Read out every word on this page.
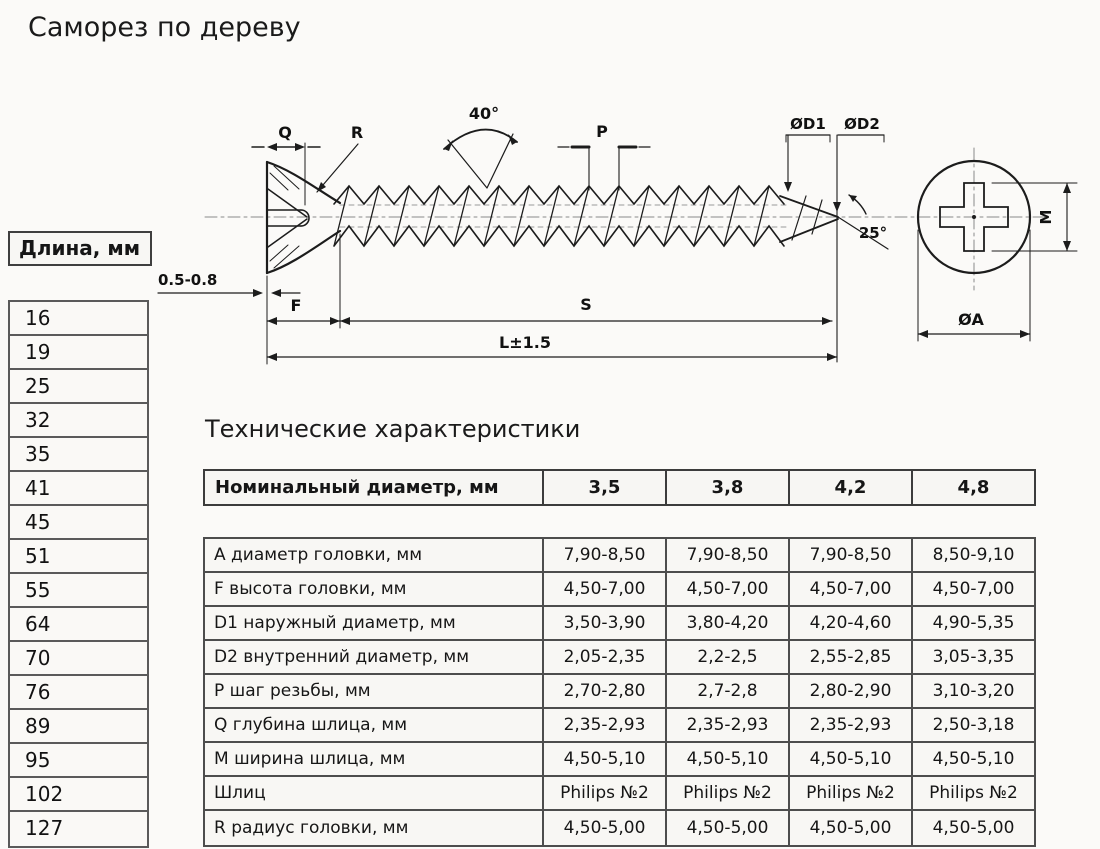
Саморез по дереву
Q	R
40°
P	ØD1 ØD2
25°
F	S
L±1.5
0.5-0.8
M
ØA
Длина, мм
16
19
25
32
35
41
45
51
55
64
70
76
89
95
102
127
Технические характеристики
Номинальный диаметр, мм	3,5	3,8	4,2	4,8
A диаметр головки, мм	7,90-8,50	7,90-8,50	7,90-8,50	8,50-9,10
F высота головки, мм	4,50-7,00	4,50-7,00	4,50-7,00	4,50-7,00
D1 наружный диаметр, мм	3,50-3,90	3,80-4,20	4,20-4,60	4,90-5,35
D2 внутренний диаметр, мм	2,05-2,35	2,2-2,5	2,55-2,85	3,05-3,35
P шаг резьбы, мм	2,70-2,80	2,7-2,8	2,80-2,90	3,10-3,20
Q глубина шлица, мм	2,35-2,93	2,35-2,93	2,35-2,93	2,50-3,18
M ширина шлица, мм	4,50-5,10	4,50-5,10	4,50-5,10	4,50-5,10
Шлиц	Philips №2	Philips №2	Philips №2	Philips №2
R радиус головки, мм	4,50-5,00	4,50-5,00	4,50-5,00	4,50-5,00
